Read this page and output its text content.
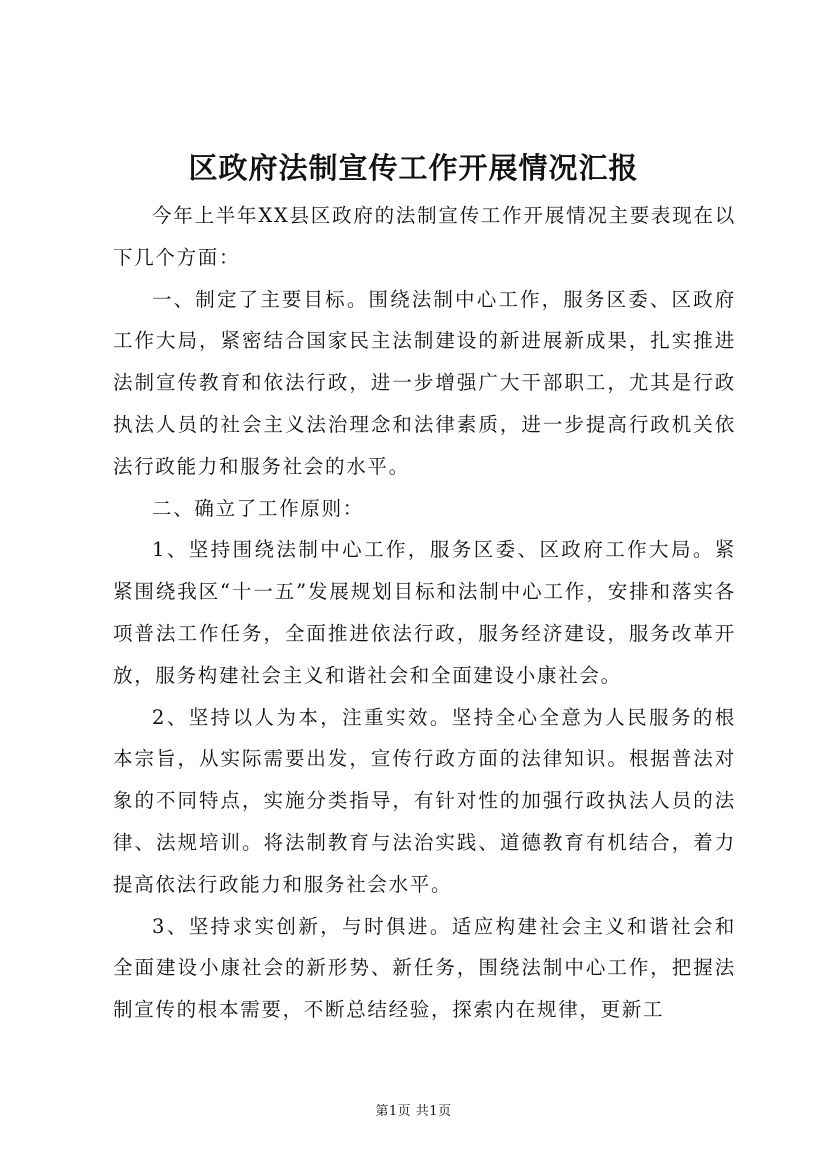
区政府法制宣传工作开展情况汇报

今年上半年XX县区政府的法制宣传工作开展情况主要表现在以下几个方面：

一、制定了主要目标。围绕法制中心工作，服务区委、区政府工作大局，紧密结合国家民主法制建设的新进展新成果，扎实推进法制宣传教育和依法行政，进一步增强广大干部职工，尤其是行政执法人员的社会主义法治理念和法律素质，进一步提高行政机关依法行政能力和服务社会的水平。

二、确立了工作原则：

1、坚持围绕法制中心工作，服务区委、区政府工作大局。紧紧围绕我区“十一五”发展规划目标和法制中心工作，安排和落实各项普法工作任务，全面推进依法行政，服务经济建设，服务改革开放，服务构建社会主义和谐社会和全面建设小康社会。

2、坚持以人为本，注重实效。坚持全心全意为人民服务的根本宗旨，从实际需要出发，宣传行政方面的法律知识。根据普法对象的不同特点，实施分类指导，有针对性的加强行政执法人员的法律、法规培训。将法制教育与法治实践、道德教育有机结合，着力提高依法行政能力和服务社会水平。

3、坚持求实创新，与时俱进。适应构建社会主义和谐社会和全面建设小康社会的新形势、新任务，围绕法制中心工作，把握法制宣传的根本需要，不断总结经验，探索内在规律，更新工

第1页 共1页
